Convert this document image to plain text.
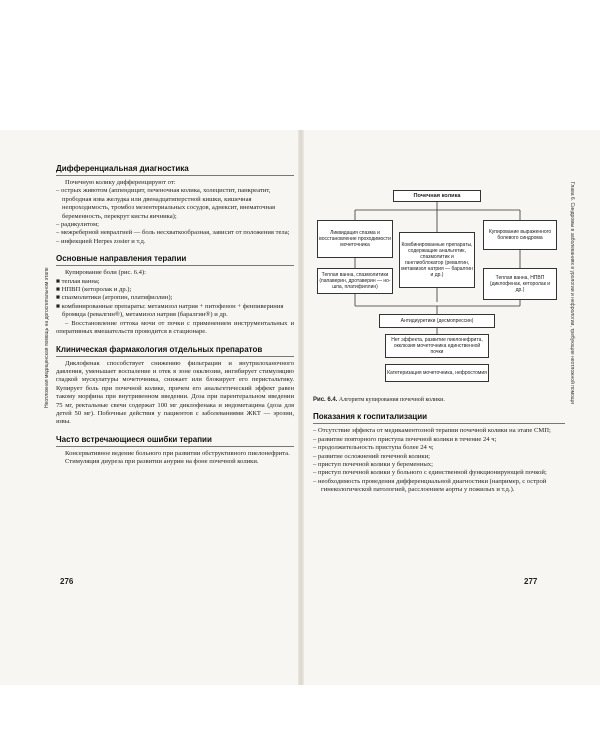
Неотложная медицинская помощь на догоспитальном этапе	Глава 6. Синдромы в заболеваниях в урологии и нефрологии, требующие неотложной помощи
Дифференциальная диагностика

Почечную колику дифференцируют от:

– острых животом (аппендицит, печеночная колика, холецистит, панкреатит, прободная язва желудка или двенадцатиперстной кишки, кишечная непроходимость, тромбоз мезентериальных сосудов, аднексит, внематочная беременность, перекрут кисты яичника);
– радикулитом;
– межреберной невралгией — боль несхваткообразная, зависит от положения тела;
– инфекцией Herpes zoster и т.д.
Основные направления терапии

Купирование боли (рис. 6.4):

■ теплая ванна;
■ НПВП (кеторолак и др.);
■ спазмолитики (атропин, платифиллин);
■ комбинированные препараты: метамизол натрия + питофенон + фенпивериния бромида (ревалгин®), метамизол натрия (баралгин®) и др.

– Восстановление оттока мочи от почки с применением инструментальных и оперативных вмешательств проводится в стационаре.

Клиническая фармакология отдельных препаратов

Диклофенак способствует снижению фильтрации и внутрилоханочного давления, уменьшает воспаление и отек в зоне окклюзии, ингибирует стимуляцию гладкой мускулатуры мочеточника, снижает или блокирует его перистальтику. Купирует боль при почечной колике, причем его анальгетический эффект равен такому морфина при внутривенном введении. Доза при парентеральном введении 75 мг, ректальные свечи содержат 100 мг диклофенака и индометацина (доза для детей 50 мг). Побочные действия у пациентов с заболеваниями ЖКТ — эрозии, язвы.

Часто встречающиеся ошибки терапии

Консервативное ведение больного при развитии обструктивного пиелонефрита.

Стимуляция диуреза при развитии анурии на фоне почечной колики.

276
Почечная колика
Ликвидация спазма и восстановление проходимости мочеточника	Комбинированные препараты, содержащие анальгетик, спазмолитик и ганглиоблокатор (ревалгин, метамизол натрия — баралгин и др.)
Купирование выраженного болевого синдрома
Теплая ванна, спазмолитики (папаверин, дротаверин — но-шпа, платифиллин)
Теплая ванна, НПВП (диклофенак, кеторолак и др.)
Антидиуретики (десмопрессин)
Нет эффекта, развитие пиелонефрита, окклюзия мочеточника единственной почки
Катетеризация мочеточника, нефростомия

Рис. 6.4. Алгоритм купирования почечной колики.

Показания к госпитализации
– Отсутствие эффекта от медикаментозной терапии почечной колики на этапе СМП;
– развитие повторного приступа почечной колики в течение 24 ч;
– продолжительность приступа более 24 ч;
– развитие осложнений почечной колики;
– приступ почечной колики у беременных;
– приступ почечной колики у больного с единственной функционирующей почкой;
– необходимость проведения дифференциальной диагностики (например, с острой гинекологической патологией, расслоением аорты у пожилых и т.д.).
277
